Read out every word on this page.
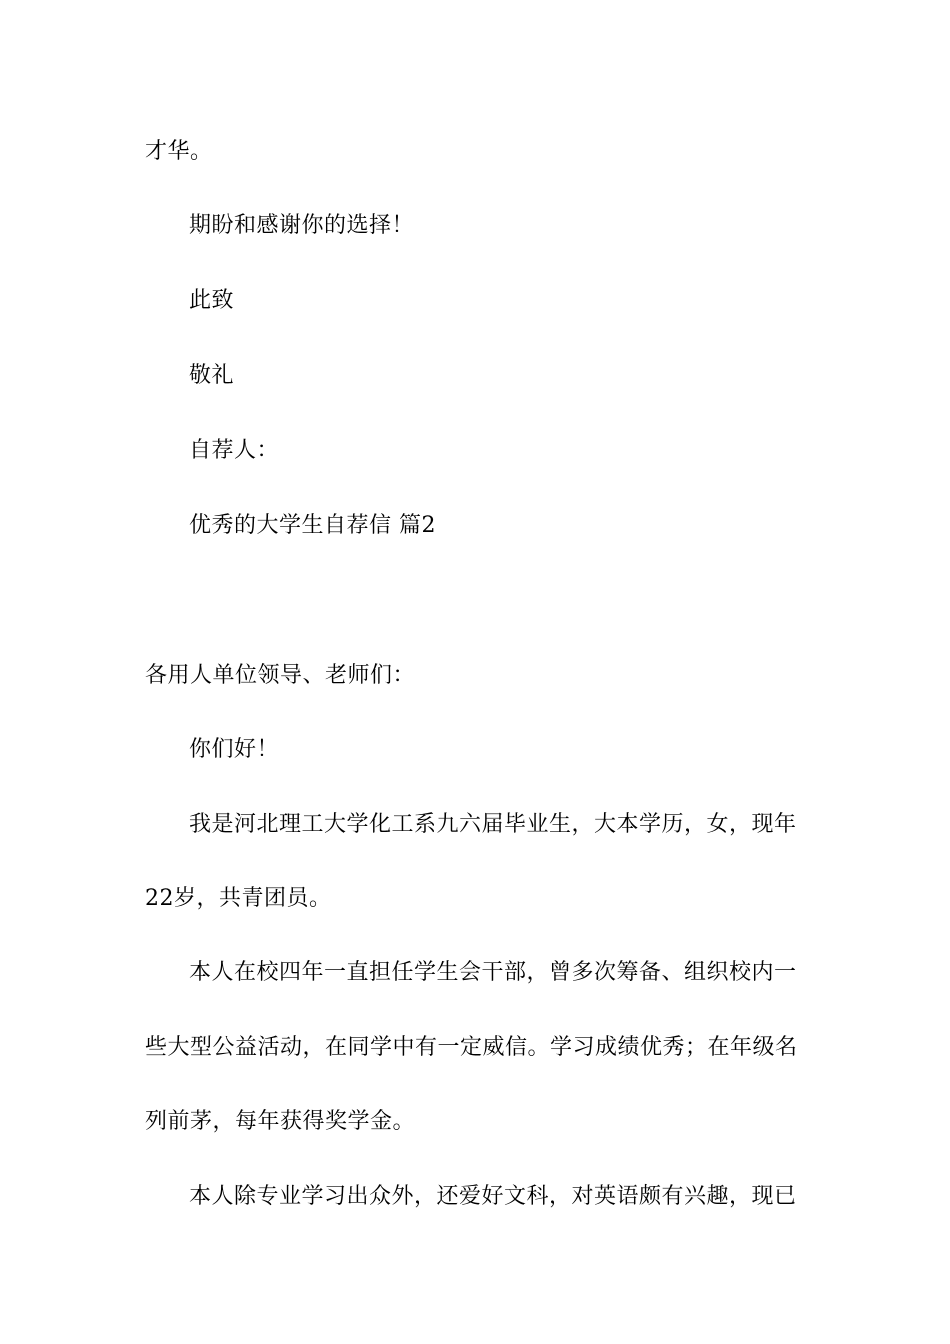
才华。
期盼和感谢你的选择！
此致
敬礼
自荐人：
优秀的大学生自荐信 篇2
各用人单位领导、老师们：
你们好！
我是河北理工大学化工系九六届毕业生，大本学历，女，现年
22岁，共青团员。
本人在校四年一直担任学生会干部，曾多次筹备、组织校内一
些大型公益活动，在同学中有一定威信。学习成绩优秀；在年级名
列前茅，每年获得奖学金。
本人除专业学习出众外，还爱好文科，对英语颇有兴趣，现已
